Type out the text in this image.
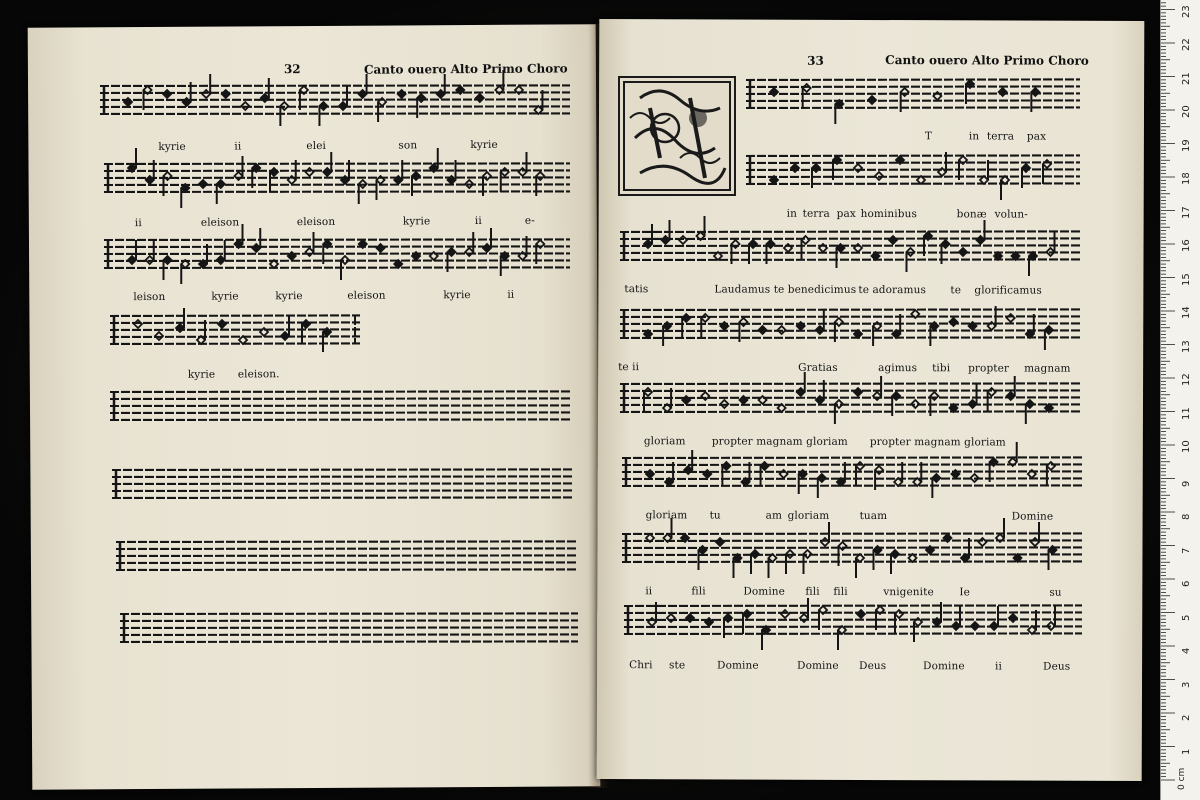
32	Canto ouero Alto Primo Choro
kyrie	ii	elei	son	kyrie
ii	eleison	eleison	kyrie	ii	e-
leison	kyrie	kyrie	eleison	kyrie	ii
kyrie eleison.
33	Canto ouero Alto Primo Choro
T	in terra pax
in terra pax hominibus	bonæ volun-
tatis	Laudamus te benedicimus te adoramus te glorificamus
te ii	Gratias	agimus tibi propter magnam
gloriam	propter magnam gloriam propter magnam gloriam
gloriam tu	am gloriam	tuam	Domine
ii	fili	Domine fili fili	vnigenite Ie	su
Chri ste	Domine	Domine Deus	Domine	ii	Deus
0 cm
1
2
3
4
5
6
7
8
9
10
11
12
13
14
15
16
17
18
19
20
21
22
23
